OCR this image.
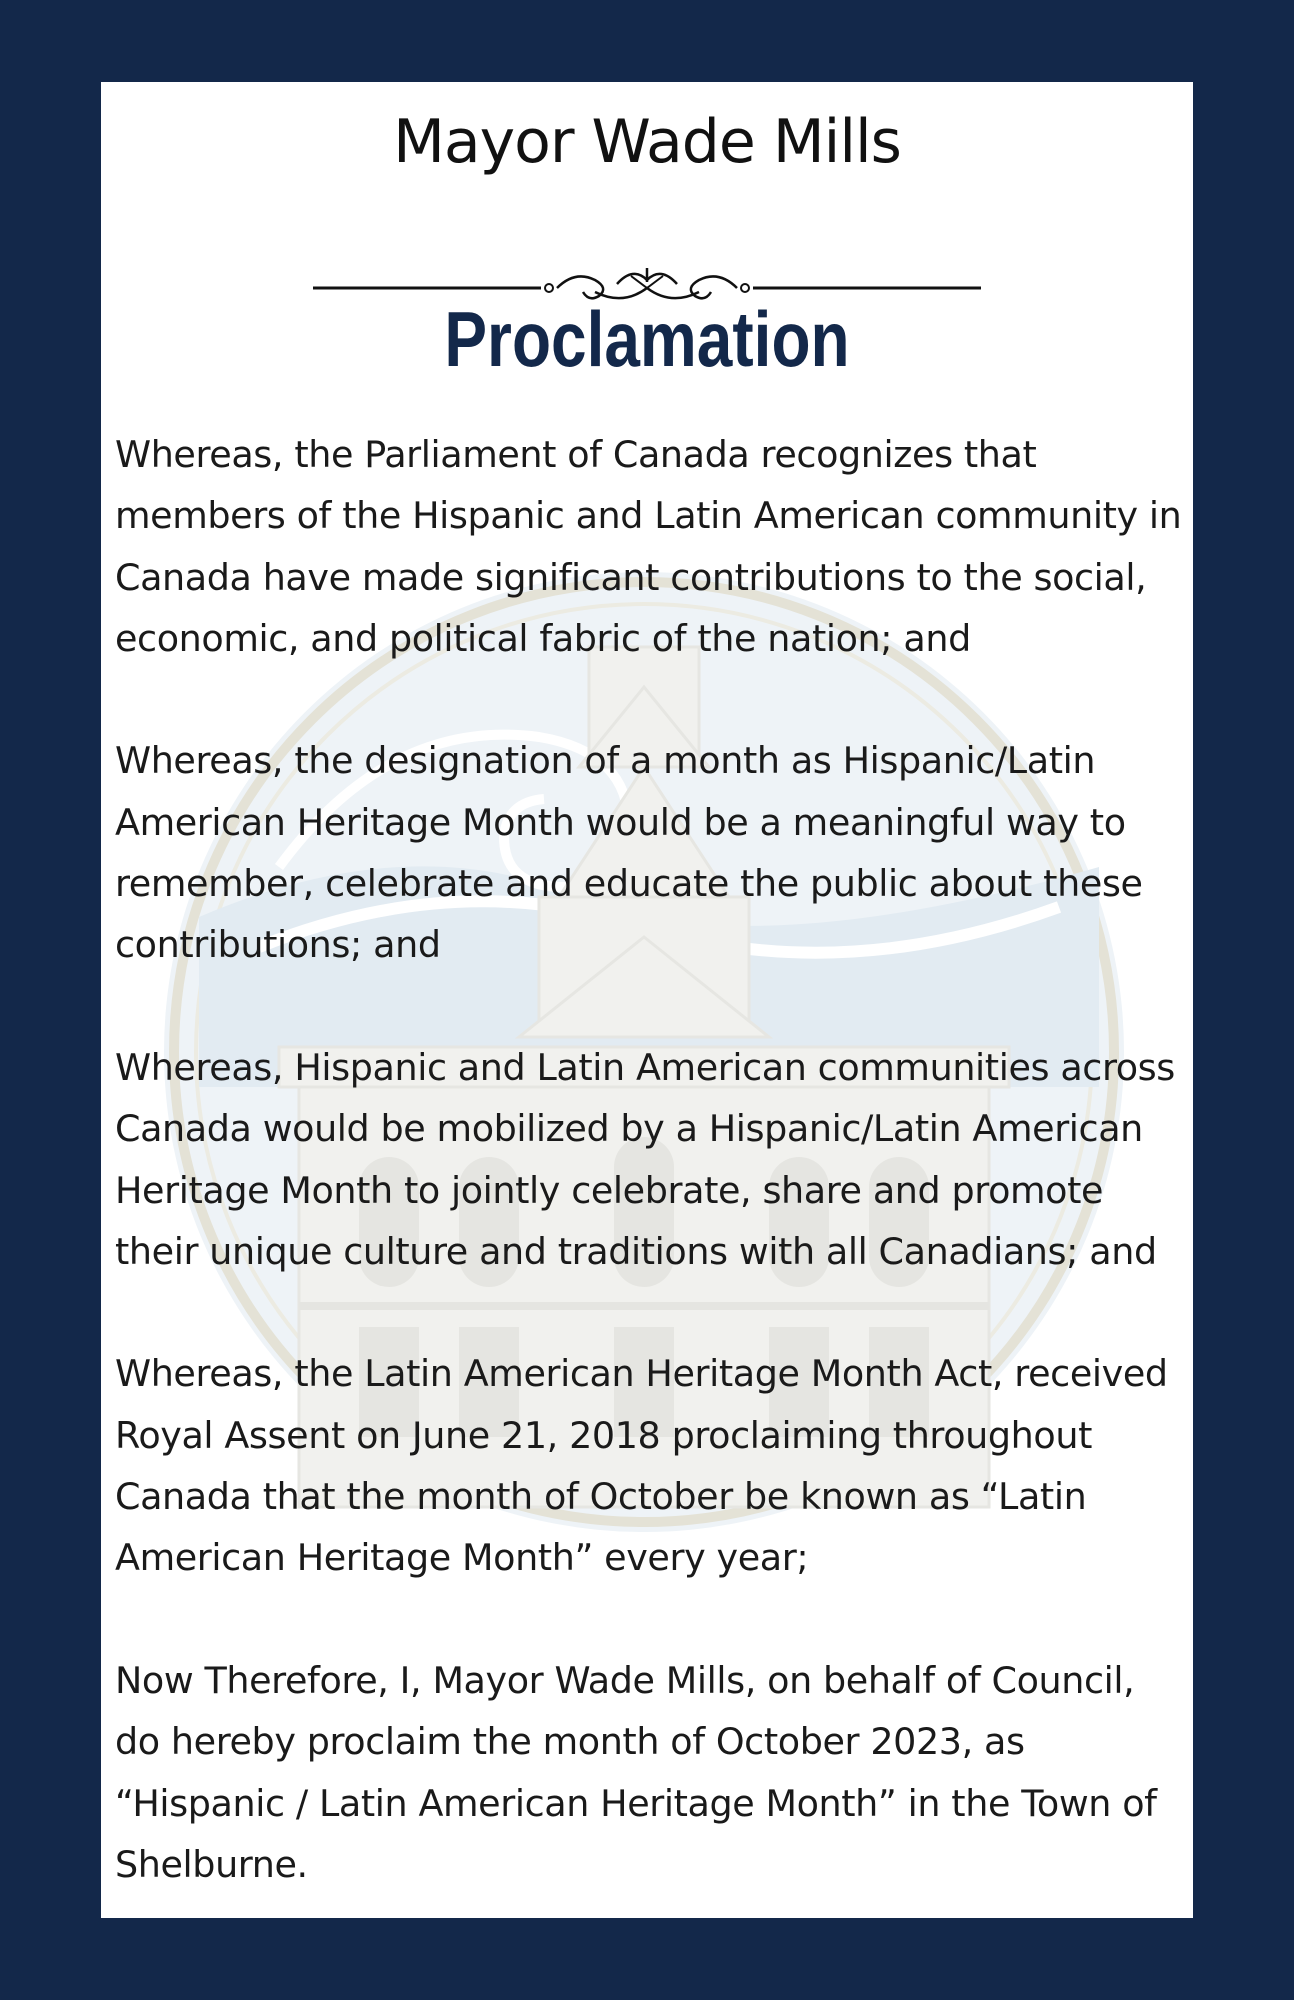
Mayor Wade Mills
Proclamation

Whereas, the Parliament of Canada recognizes that members of the Hispanic and Latin American community in Canada have made significant contributions to the social, economic, and political fabric of the nation; and

Whereas, the designation of a month as Hispanic/Latin American Heritage Month would be a meaningful way to remember, celebrate and educate the public about these contributions; and

Whereas, Hispanic and Latin American communities across Canada would be mobilized by a Hispanic/Latin American Heritage Month to jointly celebrate, share and promote their unique culture and traditions with all Canadians; and

Whereas, the Latin American Heritage Month Act, received Royal Assent on June 21, 2018 proclaiming throughout Canada that the month of October be known as “Latin American Heritage Month” every year;

Now Therefore, I, Mayor Wade Mills, on behalf of Council, do hereby proclaim the month of October 2023, as “Hispanic / Latin American Heritage Month” in the Town of Shelburne.
